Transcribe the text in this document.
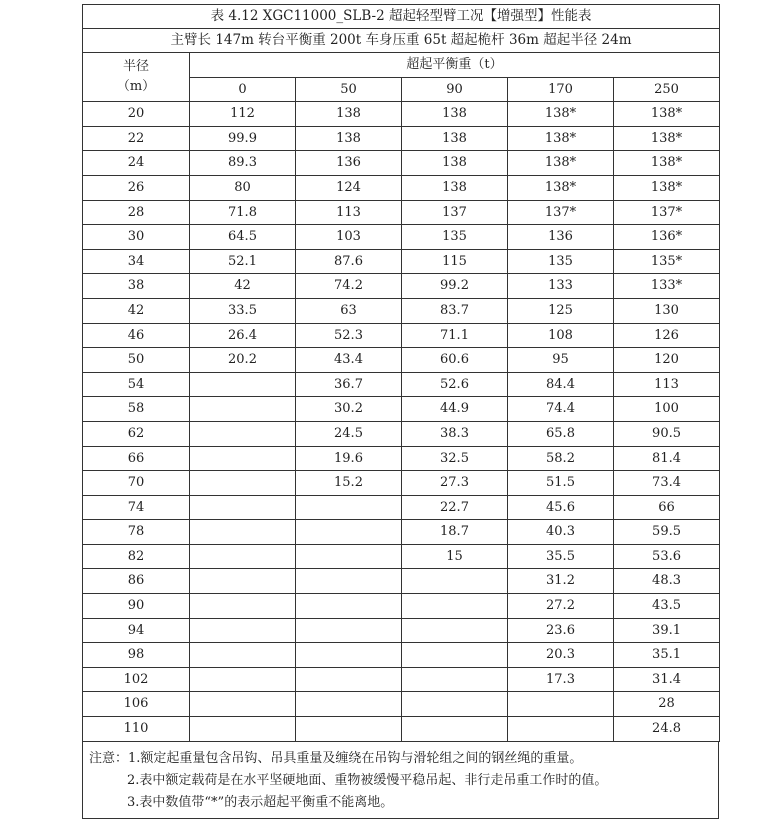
表 4.12 XGC11000_SLB-2 超起轻型臂工况【增强型】性能表					
主臂长 147m 转台平衡重 200t 车身压重 65t 超起桅杆 36m 超起半径 24m					

半径
（m）	超起平衡重（t）				
	0	50	90	170	250
20	112	138	138	138*	138*
22	99.9	138	138	138*	138*
24	89.3	136	138	138*	138*
26	80	124	138	138*	138*
28	71.8	113	137	137*	137*
30	64.5	103	135	136	136*
34	52.1	87.6	115	135	135*
38	42	74.2	99.2	133	133*
42	33.5	63	83.7	125	130
46	26.4	52.3	71.1	108	126
50	20.2	43.4	60.6	95	120
54		36.7	52.6	84.4	113
58		30.2	44.9	74.4	100
62		24.5	38.3	65.8	90.5
66		19.6	32.5	58.2	81.4
70		15.2	27.3	51.5	73.4
74			22.7	45.6	66
78			18.7	40.3	59.5
82			15	35.5	53.6
86				31.2	48.3
90				27.2	43.5
94				23.6	39.1
98				20.3	35.1
102				17.3	31.4
106					28
110					24.8
注意：1.额定起重量包含吊钩、吊具重量及缠绕在吊钩与滑轮组之间的钢丝绳的重量。
2.表中额定载荷是在水平坚硬地面、重物被缓慢平稳吊起、非行走吊重工作时的值。
3.表中数值带“*”的表示超起平衡重不能离地。
